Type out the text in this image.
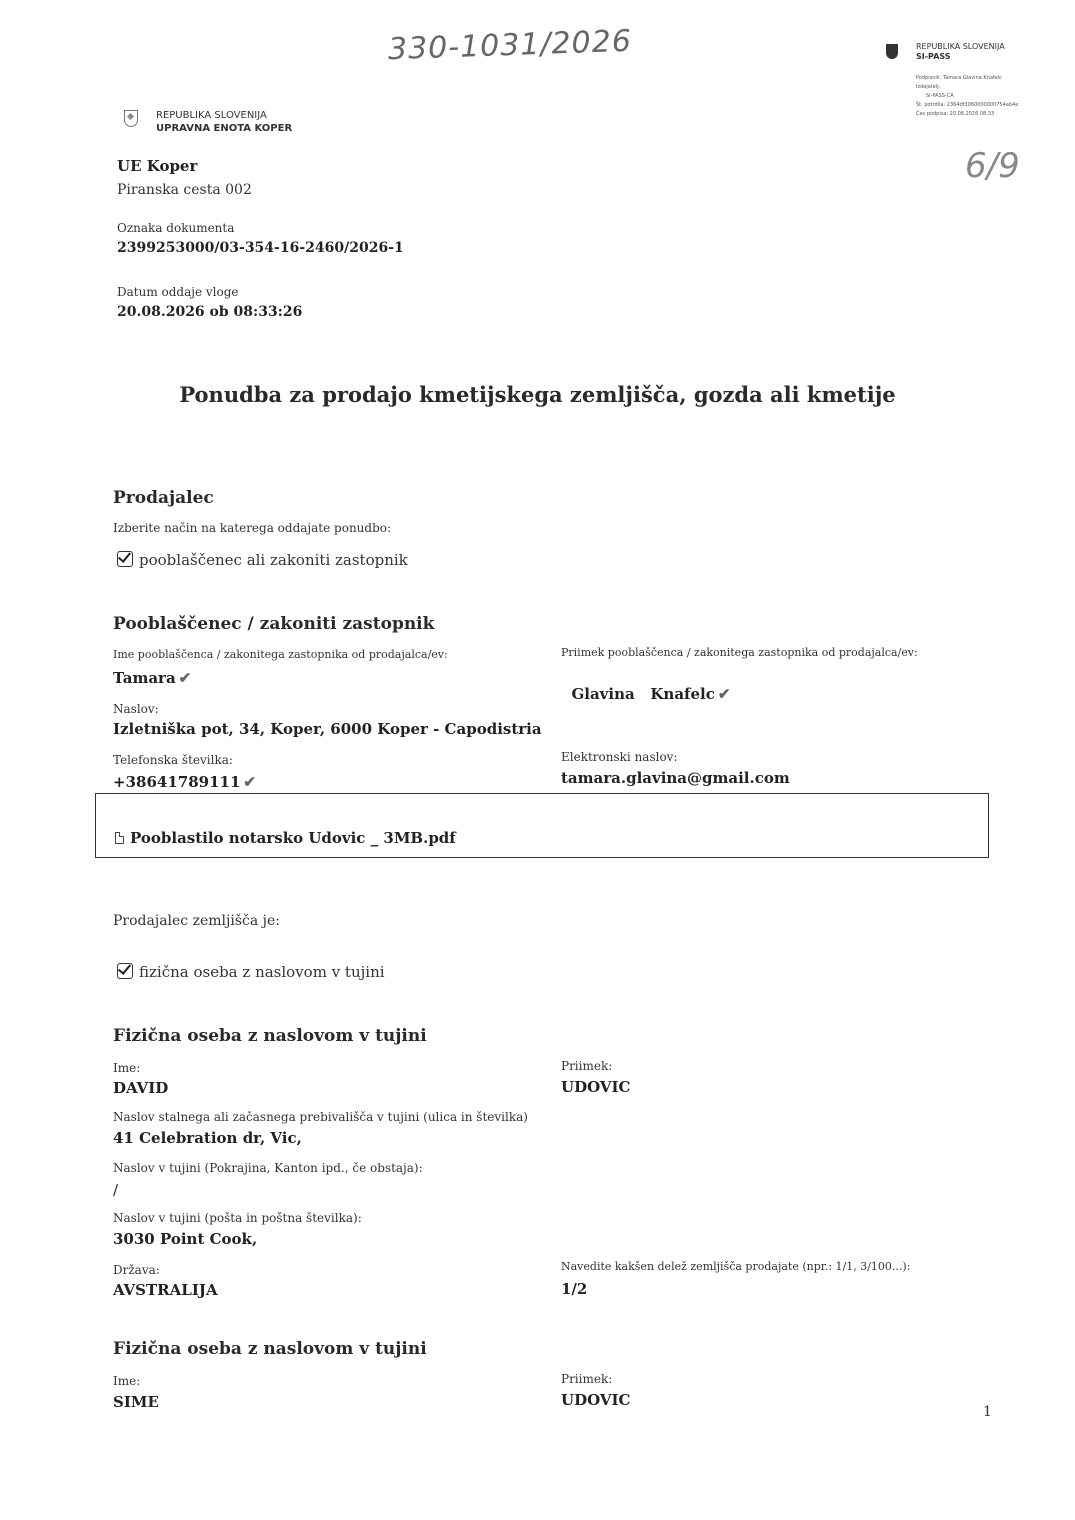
330-1031/2026
6/9
REPUBLIKA SLOVENIJA
SI-PASS
Podpisnik: Tamara Glavina Knafelc
Izdajatelj:
SI-PASS-CA
Št. potrdila: 2364df3060000000754ab4e
Čas podpisa: 20.08.2026 08:33
REPUBLIKA SLOVENIJA
UPRAVNA ENOTA KOPER
UE Koper
Piranska cesta 002
Oznaka dokumenta
2399253000/03-354-16-2460/2026-1
Datum oddaje vloge
20.08.2026 ob 08:33:26
Ponudba za prodajo kmetijskega zemljišča, gozda ali kmetije
Prodajalec
Izberite način na katerega oddajate ponudbo:
pooblaščenec ali zakoniti zastopnik
Pooblaščenec / zakoniti zastopnik
Ime pooblaščenca / zakonitega zastopnika od prodajalca/ev:
Tamara ✔
Priimek pooblaščenca / zakonitega zastopnika od prodajalca/ev:

Glavina   Knafelc ✔

Naslov:
Izletniška pot, 34, Koper, 6000 Koper - Capodistria
Telefonska številka:
+38641789111 ✔
Elektronski naslov:
tamara.glavina@gmail.com
Pooblastilo notarsko Udovic _ 3MB.pdf
Prodajalec zemljišča je:
fizična oseba z naslovom v tujini
Fizična oseba z naslovom v tujini
Ime:
DAVID
Priimek:
UDOVIC
Naslov stalnega ali začasnega prebivališča v tujini (ulica in številka)
41 Celebration dr, Vic,
Naslov v tujini (Pokrajina, Kanton ipd., če obstaja):
/
Naslov v tujini (pošta in poštna številka):
3030 Point Cook,
Država:
AVSTRALIJA
Navedite kakšen delež zemljišča prodajate (npr.: 1/1, 3/100...):
1/2
Fizična oseba z naslovom v tujini
Ime:
SIME
Priimek:
UDOVIC
1
